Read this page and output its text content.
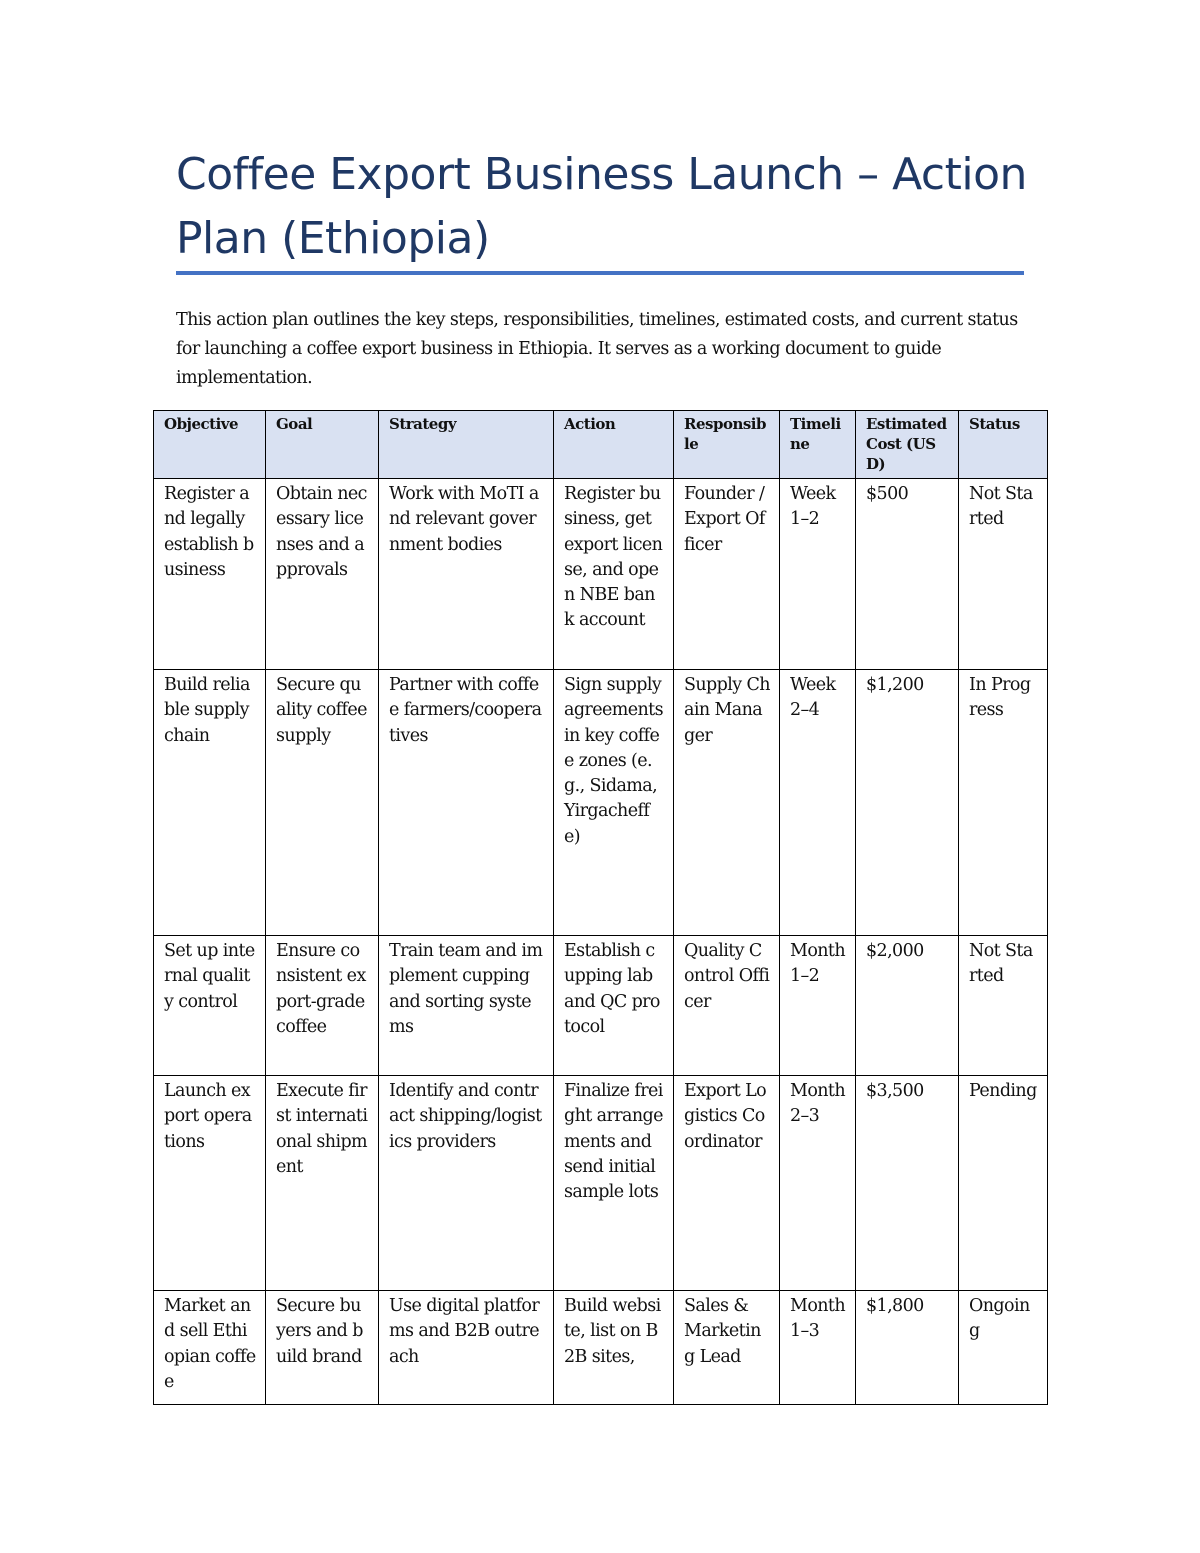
Coffee Export Business Launch – Action Plan (Ethiopia)

This action plan outlines the key steps, responsibilities, timelines, estimated costs, and current status for launching a coffee export business in Ethiopia. It serves as a working document to guide implementation.

Objective	Goal	Strategy	Action	Responsible	Timeline	Estimated Cost (USD)	Status
Register and legally establish business	Obtain necessary licenses and approvals	Work with MoTI and relevant government bodies	Register business, get export license, and open NBE bank account	Founder / Export Officer	Week 1–2	$500	Not Started
Build reliable supply chain	Secure quality coffee supply	Partner with coffee farmers/cooperatives	Sign supply agreements in key coffee zones (e.g., Sidama, Yirgacheffe)	Supply Chain Manager	Week 2–4	$1,200	In Progress
Set up internal quality control	Ensure consistent export-grade coffee	Train team and implement cupping and sorting systems	Establish cupping lab and QC protocol	Quality Control Officer	Month 1–2	$2,000	Not Started
Launch export operations	Execute first international shipment	Identify and contract shipping/logistics providers	Finalize freight arrangements and send initial sample lots	Export Logistics Coordinator	Month 2–3	$3,500	Pending
Market and sell Ethiopian coffee	Secure buyers and build brand	Use digital platforms and B2B outreach	Build website, list on B2B sites,	Sales & Marketing Lead	Month 1–3	$1,800	Ongoing
